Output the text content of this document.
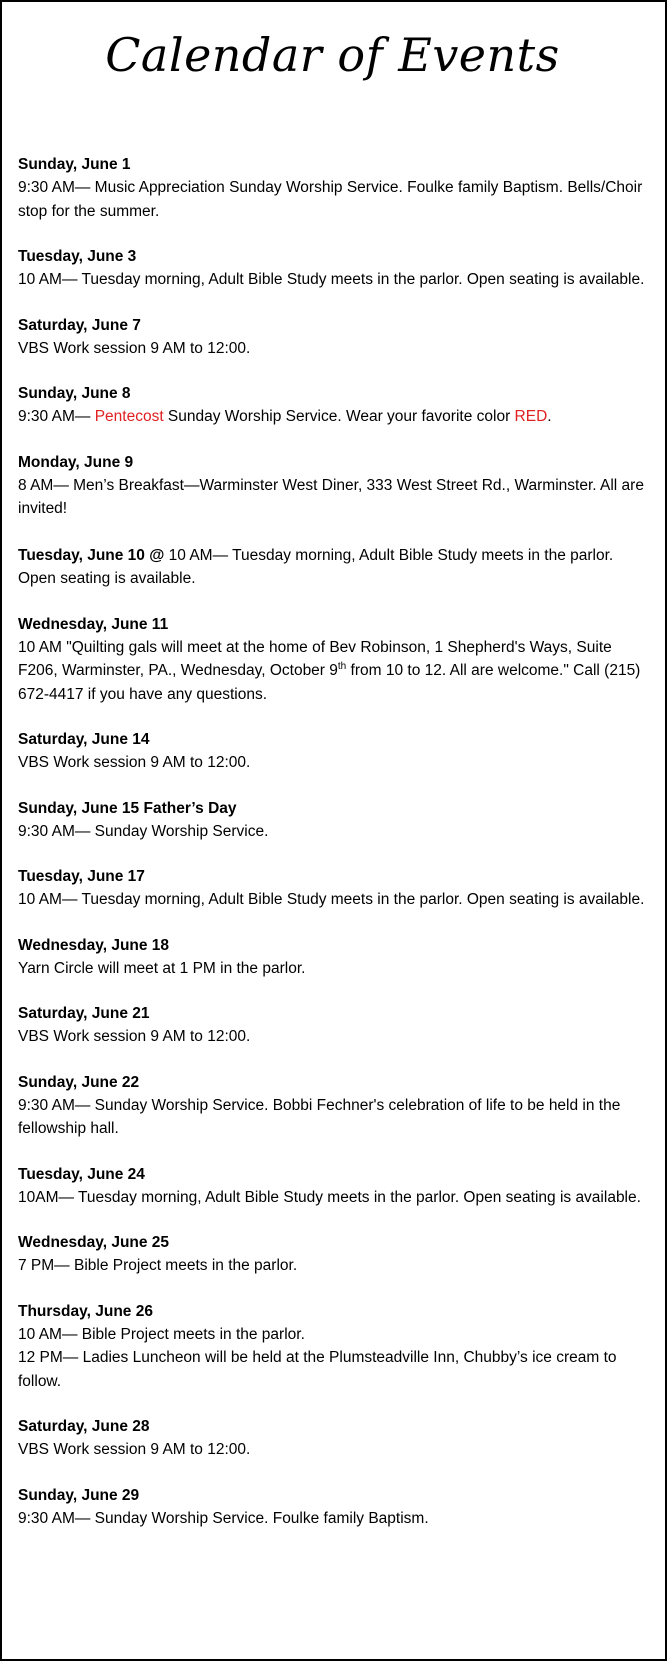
Calendar of Events
Sunday, June 1
9:30 AM— Music Appreciation Sunday Worship Service. Foulke family Baptism. Bells/Choir stop for the summer.
Tuesday, June 3
10 AM— Tuesday morning, Adult Bible Study meets in the parlor. Open seating is available.
Saturday, June 7
VBS Work session 9 AM to 12:00.
Sunday, June 8
9:30 AM— Pentecost Sunday Worship Service. Wear your favorite color RED.
Monday, June 9
8 AM— Men’s Breakfast—Warminster West Diner, 333 West Street Rd., Warminster. All are invited!
Tuesday, June 10 @ 10 AM— Tuesday morning, Adult Bible Study meets in the parlor. Open seating is available.
Wednesday, June 11
10 AM "Quilting gals will meet at the home of Bev Robinson, 1 Shepherd's Ways, Suite F206, Warminster, PA., Wednesday, October 9th from 10 to 12. All are welcome." Call (215) 672-4417 if you have any questions.
Saturday, June 14
VBS Work session 9 AM to 12:00.
Sunday, June 15 Father’s Day
9:30 AM— Sunday Worship Service.
Tuesday, June 17
10 AM— Tuesday morning, Adult Bible Study meets in the parlor. Open seating is available.
Wednesday, June 18
Yarn Circle will meet at 1 PM in the parlor.
Saturday, June 21
VBS Work session 9 AM to 12:00.
Sunday, June 22
9:30 AM— Sunday Worship Service. Bobbi Fechner's celebration of life to be held in the fellowship hall.
Tuesday, June 24
10AM— Tuesday morning, Adult Bible Study meets in the parlor. Open seating is available.
Wednesday, June 25
7 PM— Bible Project meets in the parlor.
Thursday, June 26
10 AM— Bible Project meets in the parlor.
12 PM— Ladies Luncheon will be held at the Plumsteadville Inn, Chubby’s ice cream to follow.
Saturday, June 28
VBS Work session 9 AM to 12:00.
Sunday, June 29
9:30 AM— Sunday Worship Service. Foulke family Baptism.
